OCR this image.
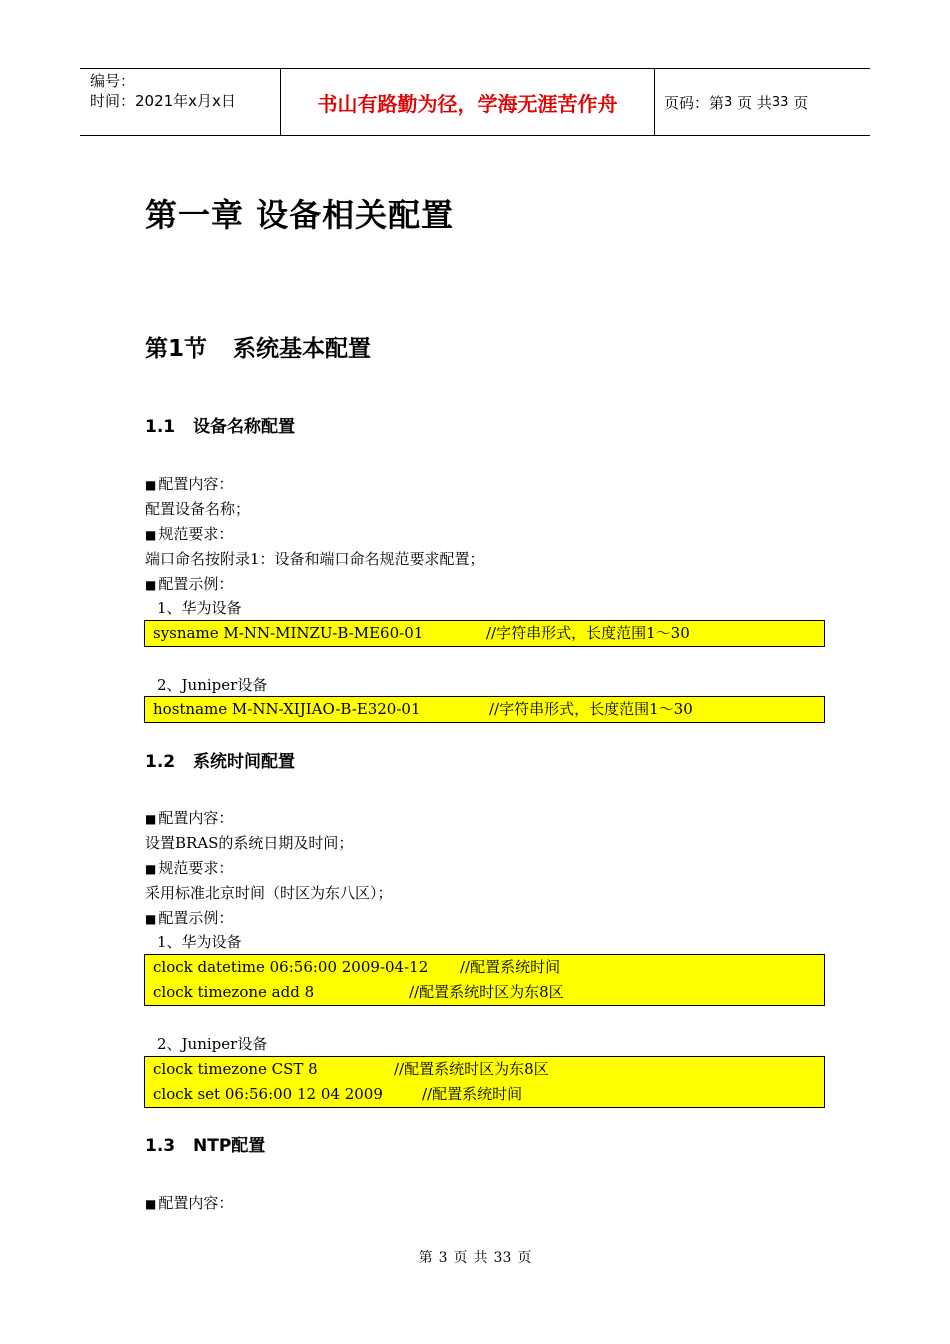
编号：
时间：2021年x月x日	书山有路勤为径，学海无涯苦作舟	页码：第 3
页 共 33
页
第一章 设备相关配置
第1节 系统基本配置
1.1 设备名称配置
■ 配置内容：
配置设备名称；
■ 规范要求：
端口命名按附录1：设备和端口命名规范要求配置；
■ 配置示例：
1、华为设备
sysname M-NN-MINZU-B-ME60-01	//字符串形式，长度范围1～30
2、Juniper设备
hostname M-NN-XIJIAO-B-E320-01	//字符串形式，长度范围1～30
1.2 系统时间配置
■ 配置内容：
设置BRAS的系统日期及时间；
■ 规范要求：
采用标准北京时间（时区为东八区）；
■ 配置示例：
1、华为设备
clock datetime 06:56:00 2009-04-12 //配置系统时间
clock timezone add 8	//配置系统时区为东8区
2、Juniper设备
clock timezone CST 8	//配置系统时区为东8区
clock set 06:56:00 12 04 2009	//配置系统时间
1.3 NTP配置
■ 配置内容：
第 3 页 共 33 页
